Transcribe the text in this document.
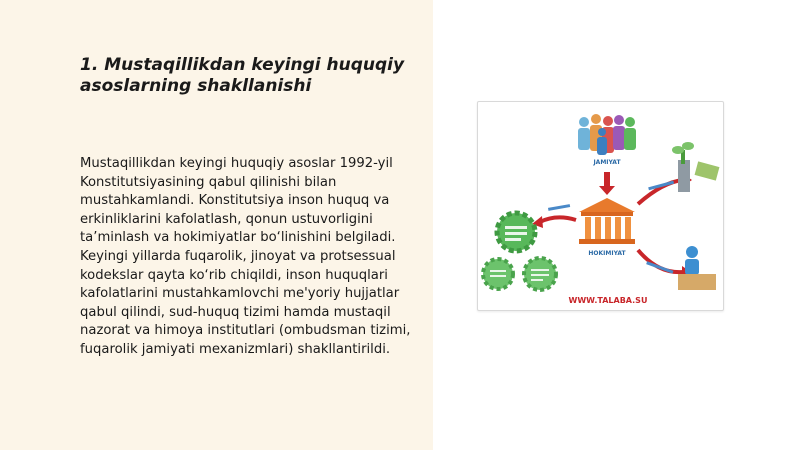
1. Mustaqillikdan keyingi huquqiy asoslarning shakllanishi

Mustaqillikdan keyingi huquqiy asoslar 1992-yil Konstitutsiyasining qabul qilinishi bilan mustahkamlandi. Konstitutsiya inson huquq va erkinliklarini kafolatlash, qonun ustuvorligini ta’minlash va hokimiyatlar bo‘linishini belgiladi. Keyingi yillarda fuqarolik, jinoyat va protsessual kodekslar qayta ko‘rib chiqildi, inson huquqlari kafolatlarini mustahkamlovchi me'yoriy hujjatlar qabul qilindi, sud-huquq tizimi hamda mustaqil nazorat va himoya institutlari (ombudsman tizimi, fuqarolik jamiyati mexanizmlari) shakllantirildi.

JAMIYAT
HOKIMIYAT
WWW.TALABA.SU
